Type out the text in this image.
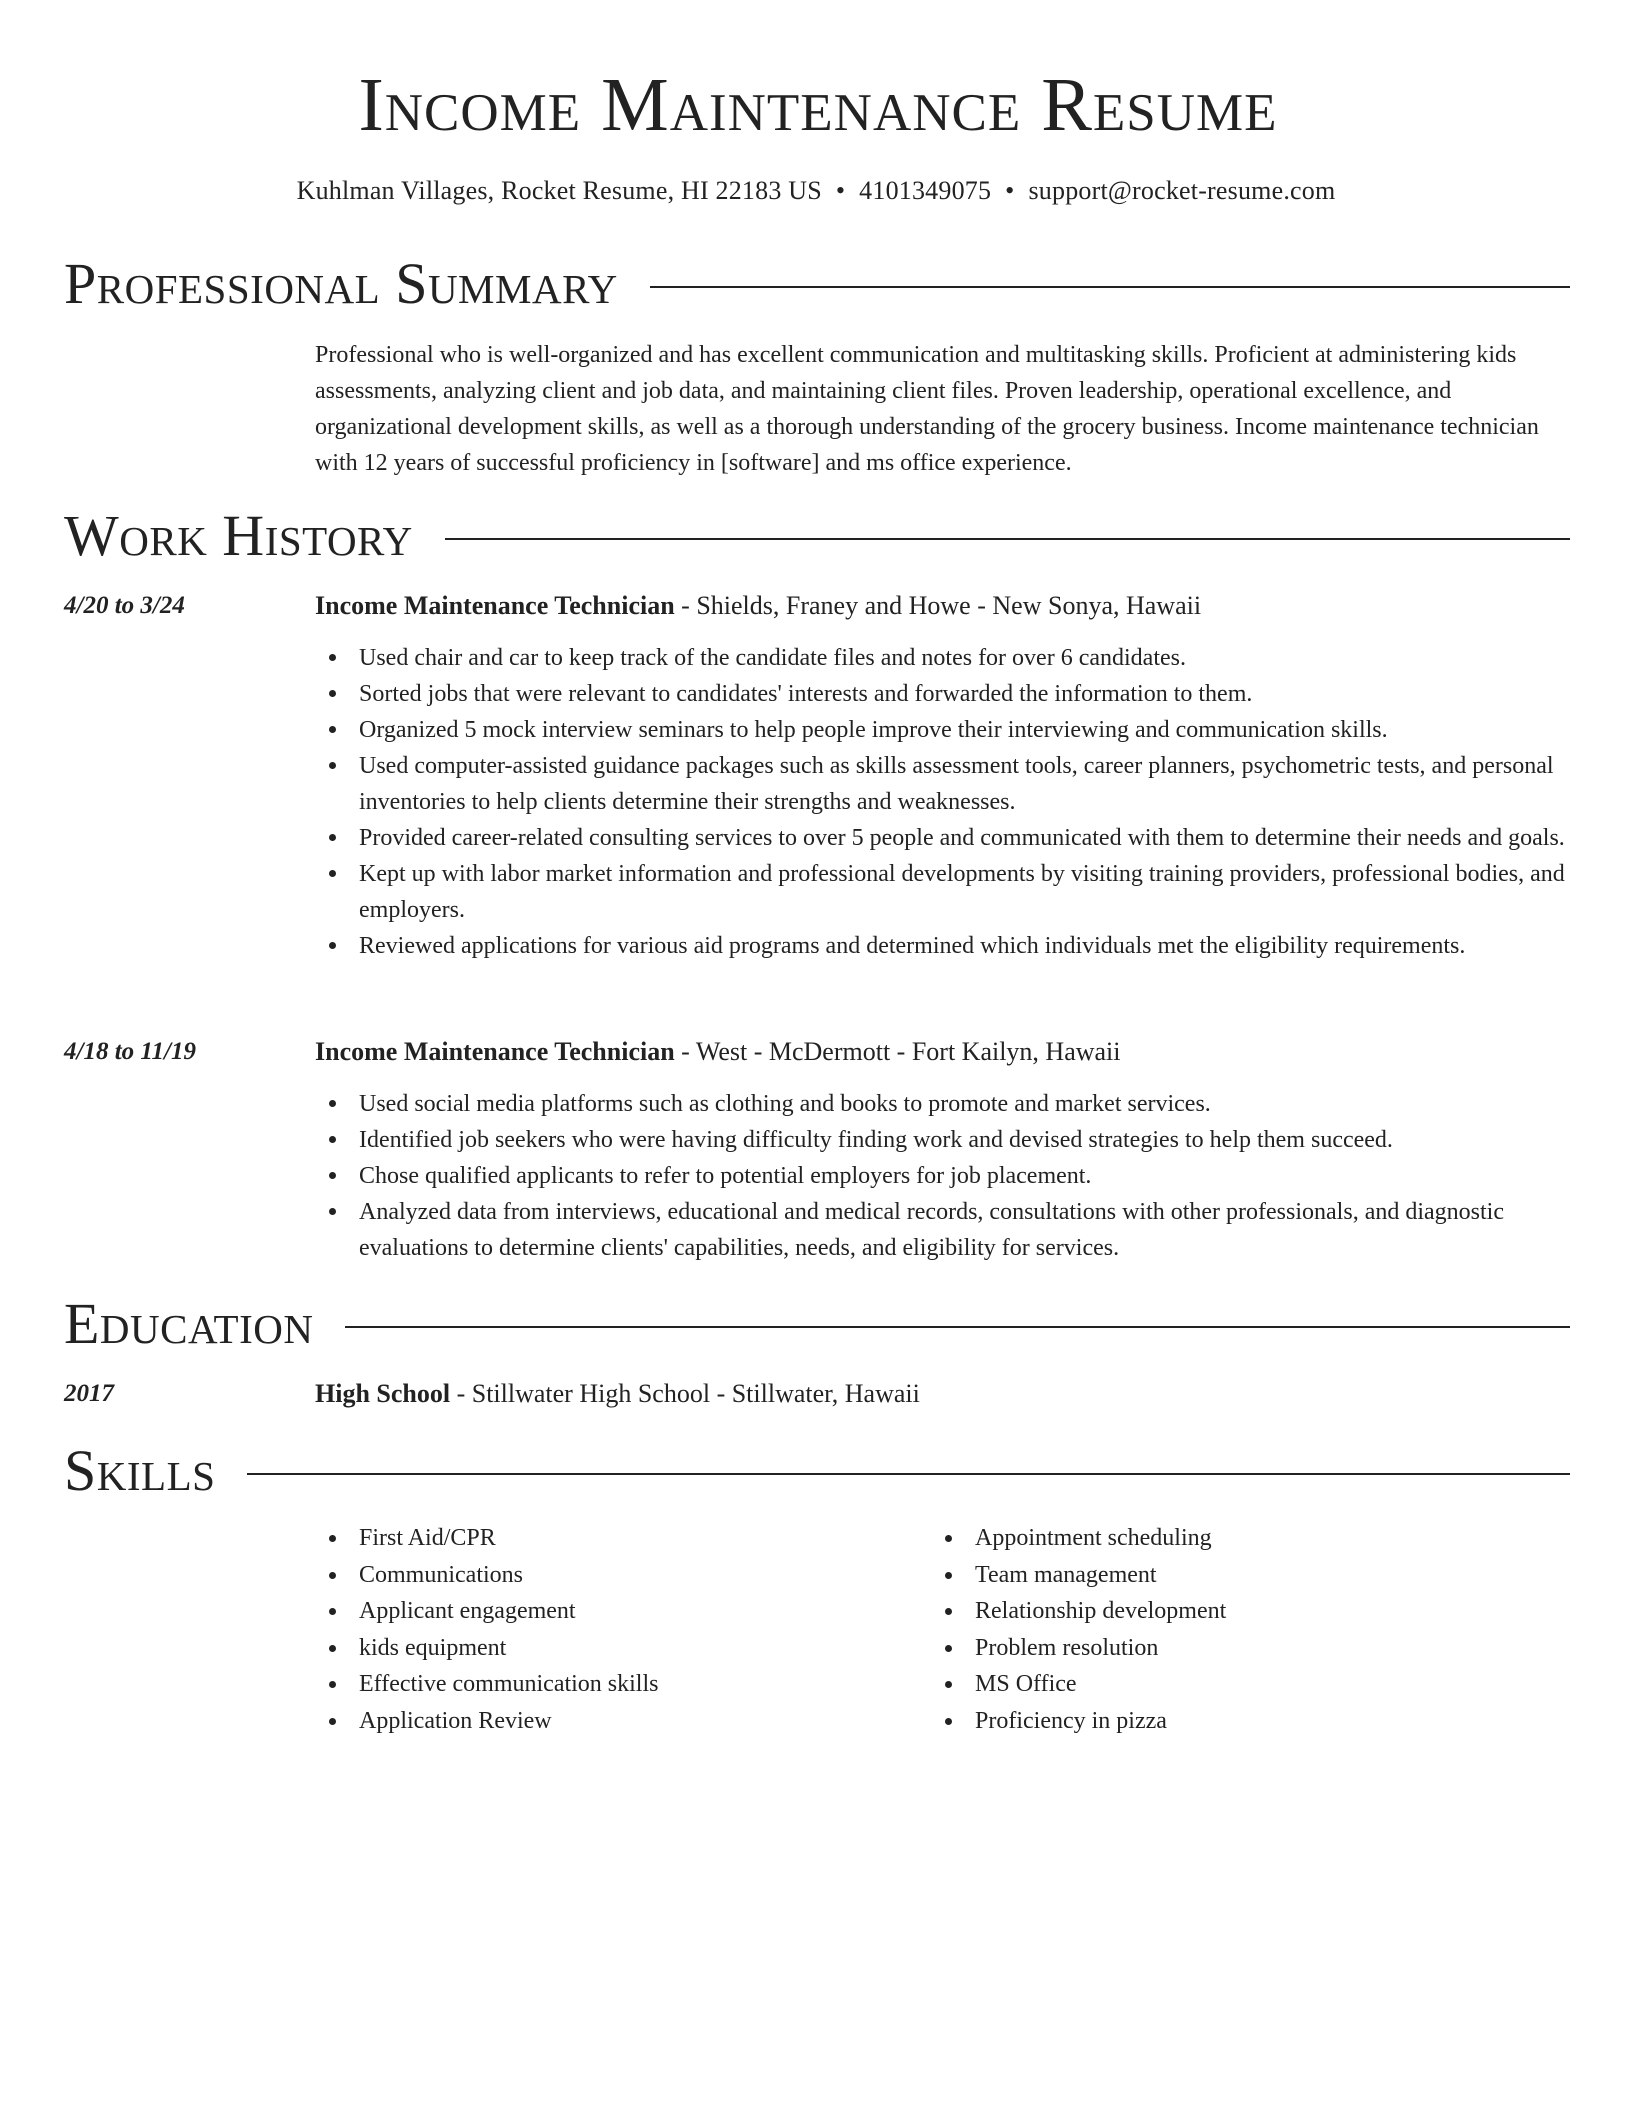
Income Maintenance Resume
Kuhlman Villages, Rocket Resume, HI 22183 US • 4101349075 • support@rocket-resume.com
Professional Summary
Professional who is well-organized and has excellent communication and multitasking skills. Proficient at administering kids assessments, analyzing client and job data, and maintaining client files. Proven leadership, operational excellence, and organizational development skills, as well as a thorough understanding of the grocery business. Income maintenance technician with 12 years of successful proficiency in [software] and ms office experience.
Work History
4/20 to 3/24	Income Maintenance Technician - Shields, Franey and Howe - New Sonya, Hawaii
Used chair and car to keep track of the candidate files and notes for over 6 candidates.
Sorted jobs that were relevant to candidates' interests and forwarded the information to them.
Organized 5 mock interview seminars to help people improve their interviewing and communication skills.
Used computer-assisted guidance packages such as skills assessment tools, career planners, psychometric tests, and personal inventories to help clients determine their strengths and weaknesses.
Provided career-related consulting services to over 5 people and communicated with them to determine their needs and goals.
Kept up with labor market information and professional developments by visiting training providers, professional bodies, and employers.
Reviewed applications for various aid programs and determined which individuals met the eligibility requirements.
4/18 to 11/19	Income Maintenance Technician - West - McDermott - Fort Kailyn, Hawaii
Used social media platforms such as clothing and books to promote and market services.
Identified job seekers who were having difficulty finding work and devised strategies to help them succeed.
Chose qualified applicants to refer to potential employers for job placement.
Analyzed data from interviews, educational and medical records, consultations with other professionals, and diagnostic evaluations to determine clients' capabilities, needs, and eligibility for services.
Education
2017	High School - Stillwater High School - Stillwater, Hawaii
Skills
First Aid/CPR
Communications
Applicant engagement
kids equipment
Effective communication skills
Application Review
Appointment scheduling
Team management
Relationship development
Problem resolution
MS Office
Proficiency in pizza
